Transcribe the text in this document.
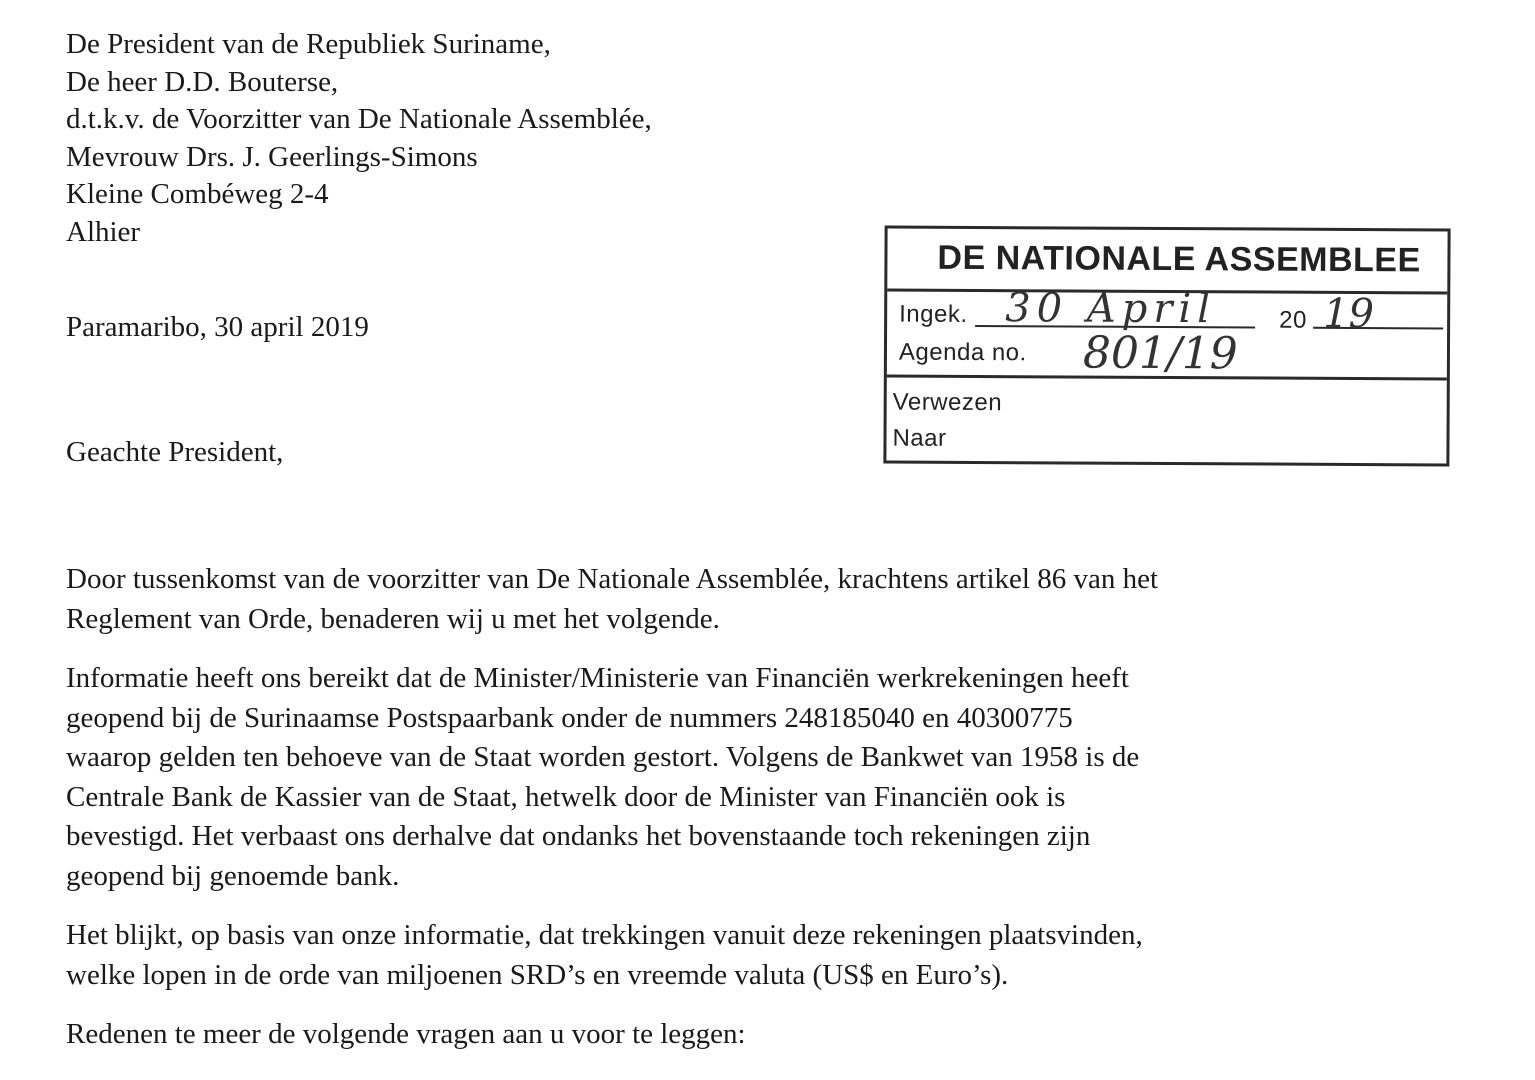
De President van de Republiek Suriname,
De heer D.D. Bouterse,
d.t.k.v. de Voorzitter van De Nationale Assemblée,
Mevrouw Drs. J. Geerlings-Simons
Kleine Combéweg 2-4
Alhier
Paramaribo, 30 april 2019
Geachte President,
DE NATIONALE ASSEMBLEE
Ingek.	20
Agenda no.
30 April	19
801/19
Verwezen
Naar

Door tussenkomst van de voorzitter van De Nationale Assemblée, krachtens artikel 86 van het
Reglement van Orde, benaderen wij u met het volgende.

Informatie heeft ons bereikt dat de Minister/Ministerie van Financiën werkrekeningen heeft
geopend bij de Surinaamse Postspaarbank onder de nummers 248185040 en 40300775
waarop gelden ten behoeve van de Staat worden gestort. Volgens de Bankwet van 1958 is de
Centrale Bank de Kassier van de Staat, hetwelk door de Minister van Financiën ook is
bevestigd. Het verbaast ons derhalve dat ondanks het bovenstaande toch rekeningen zijn
geopend bij genoemde bank.

Het blijkt, op basis van onze informatie, dat trekkingen vanuit deze rekeningen plaatsvinden,
welke lopen in de orde van miljoenen SRD’s en vreemde valuta (US$ en Euro’s).

Redenen te meer de volgende vragen aan u voor te leggen:
